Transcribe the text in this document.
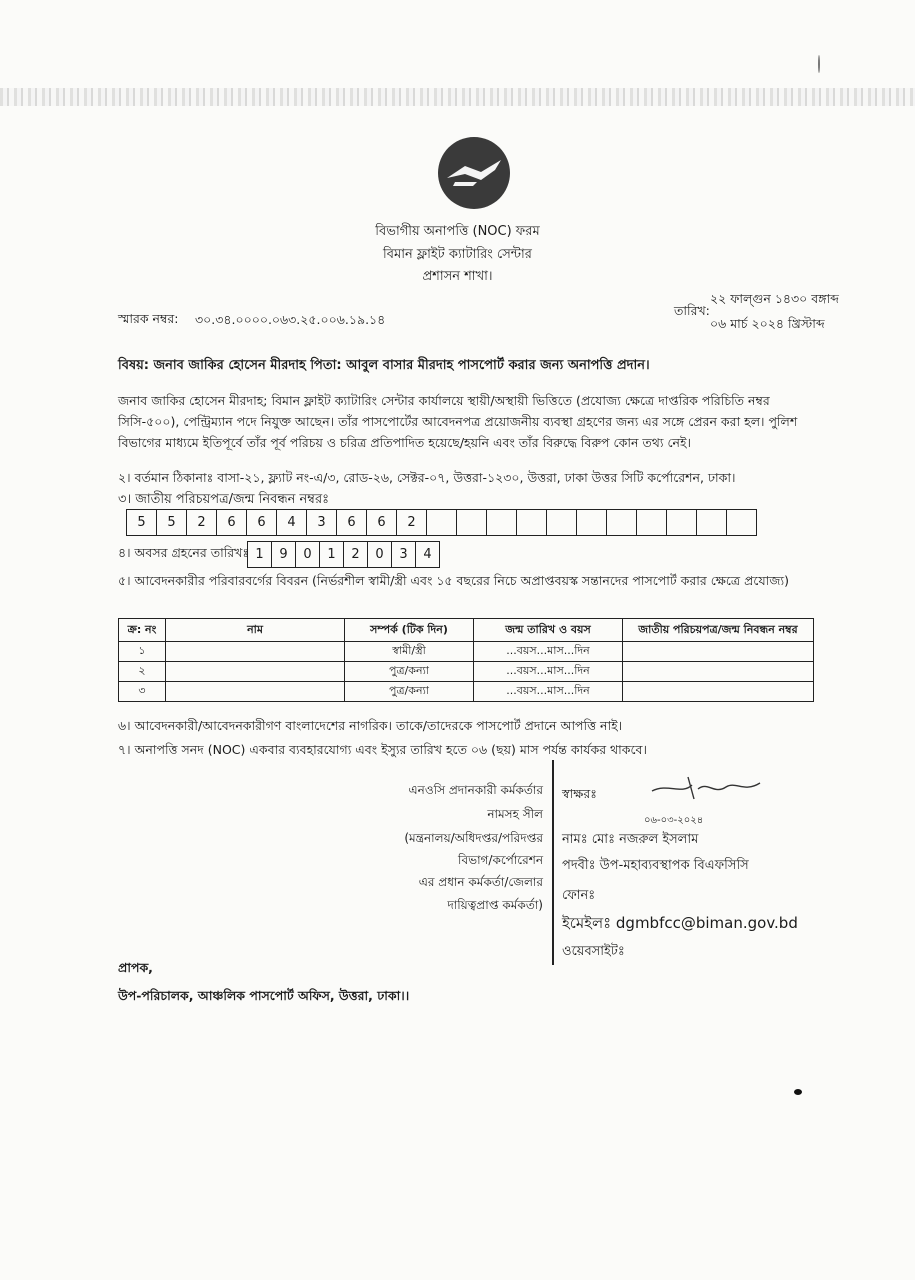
বিভাগীয় অনাপত্তি (NOC) ফরম
বিমান ফ্লাইট ক্যাটারিং সেন্টার
প্রশাসন শাখা।
স্মারক নম্বর: ৩০.৩৪.০০০০.০৬৩.২৫.০০৬.১৯.১৪
তারিখ:
২২ ফাল্গুন ১৪৩০ বঙ্গাব্দ
০৬ মার্চ ২০২৪ খ্রিস্টাব্দ
বিষয়: জনাব জাকির হোসেন মীরদাহ পিতা: আবুল বাসার মীরদাহ পাসপোর্ট করার জন্য অনাপত্তি প্রদান।
জনাব জাকির হোসেন মীরদাহ; বিমান ফ্লাইট ক্যাটারিং সেন্টার কার্যালয়ে স্থায়ী/অস্থায়ী ভিত্তিতে (প্রযোজ্য ক্ষেত্রে দাপ্তরিক পরিচিতি নম্বর সিসি-৫০০), পেন্ট্রিম্যান পদে নিযুক্ত আছেন। তাঁর পাসপোর্টের আবেদনপত্র প্রয়োজনীয় ব্যবস্থা গ্রহণের জন্য এর সঙ্গে প্রেরন করা হল। পুলিশ বিভাগের মাধ্যমে ইতিপূর্বে তাঁর পূর্ব পরিচয় ও চরিত্র প্রতিপাদিত হয়েছে/হয়নি এবং তাঁর বিরুদ্ধে বিরুপ কোন তথ্য নেই।
২। বর্তমান ঠিকানাঃ বাসা-২১, ফ্ল্যাট নং-এ/৩, রোড-২৬, সেক্টর-০৭, উত্তরা-১২৩০, উত্তরা, ঢাকা উত্তর সিটি কর্পোরেশন, ঢাকা।
৩। জাতীয় পরিচয়পত্র/জন্ম নিবন্ধন নম্বরঃ
5	5	2	6	6	4	3	6	6	2
৪। অবসর গ্রহনের তারিখঃ 1	9	0	1	2	0	3	4
৫। আবেদনকারীর পরিবারবর্গের বিবরন (নির্ভরশীল স্বামী/স্ত্রী এবং ১৫ বছরের নিচে অপ্রাপ্তবয়স্ক সন্তানদের পাসপোর্ট করার ক্ষেত্রে প্রযোজ্য)
ক্র: নং	নাম	সম্পর্ক (টিক দিন)	জন্ম তারিখ ও বয়স	জাতীয় পরিচয়পত্র/জন্ম নিবন্ধন নম্বর
১		স্বামী/স্ত্রী	...বয়স...মাস...দিন	
২		পুত্র/কন্যা	...বয়স...মাস...দিন	
৩		পুত্র/কন্যা	...বয়স...মাস...দিন	
৬। আবেদনকারী/আবেদনকারীগণ বাংলাদেশের নাগরিক। তাকে/তাদেরকে পাসপোর্ট প্রদানে আপত্তি নাই।
৭। অনাপত্তি সনদ (NOC) একবার ব্যবহারযোগ্য এবং ইস্যুর তারিখ হতে ০৬ (ছয়) মাস পর্যন্ত কার্যকর থাকবে।
এনওসি প্রদানকারী কর্মকর্তার
নামসহ সীল
(মন্ত্রনালয়/অধিদপ্তর/পরিদপ্তর
বিভাগ/কর্পোরেশন
এর প্রধান কর্মকর্তা/জেলার
দায়িত্বপ্রাপ্ত কর্মকর্তা)
স্বাক্ষরঃ
০৬-০৩-২০২৪
নামঃ মোঃ নজরুল ইসলাম
পদবীঃ উপ-মহাব্যবস্থাপক বিএফসিসি
ফোনঃ
ইমেইলঃ dgmbfcc@biman.gov.bd
ওয়েবসাইটঃ
প্রাপক,
উপ-পরিচালক, আঞ্চলিক পাসপোর্ট অফিস, উত্তরা, ঢাকা।।
